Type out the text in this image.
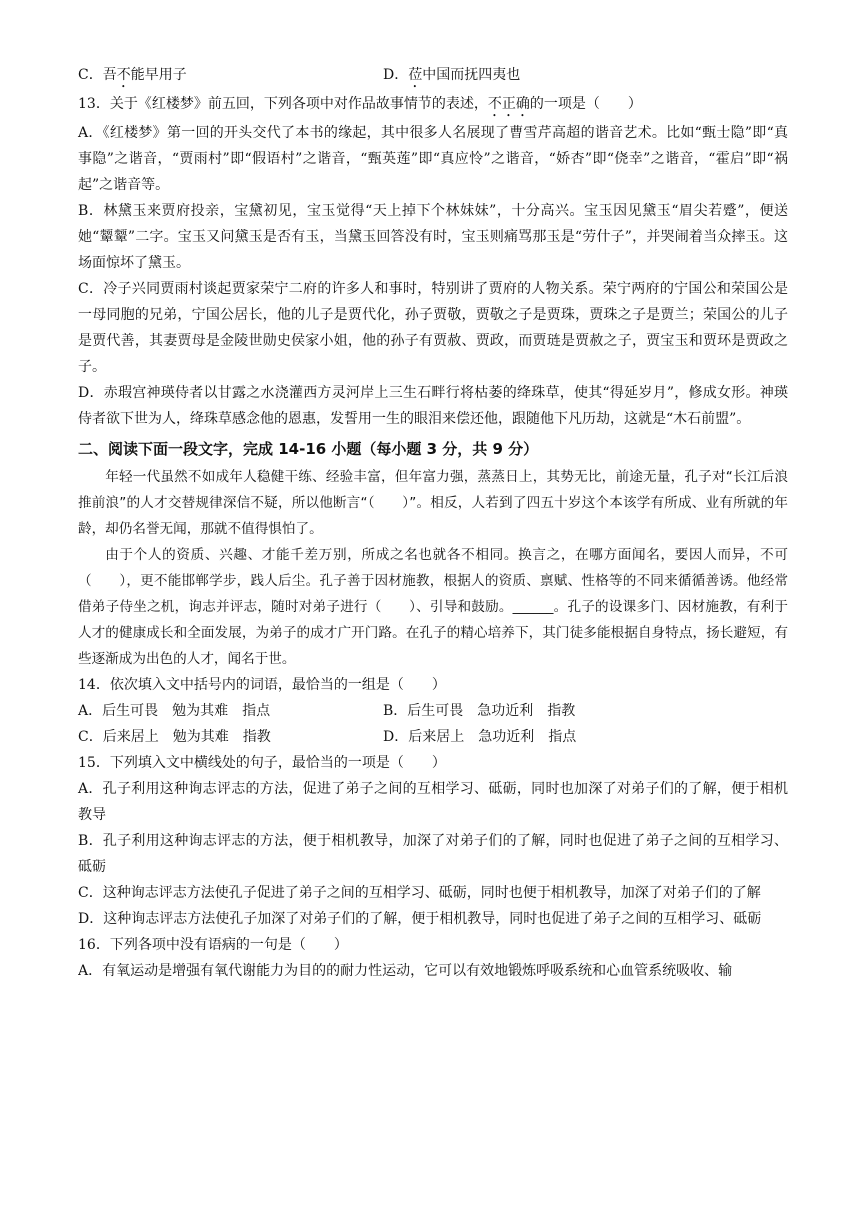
C．吾不能早用子	D．莅中国而抚四夷也
13．关于《红楼梦》前五回，下列各项中对作品故事情节的表述，不正确的一项是（　　）
A．《红楼梦》第一回的开头交代了本书的缘起，其中很多人名展现了曹雪芹高超的谐音艺术。比如“甄士隐”即“真事隐”之谐音，“贾雨村”即“假语村”之谐音，“甄英莲”即“真应怜”之谐音，“娇杏”即“侥幸”之谐音，“霍启”即“祸起”之谐音等。
B．林黛玉来贾府投亲，宝黛初见，宝玉觉得“天上掉下个林妹妹”，十分高兴。宝玉因见黛玉“眉尖若蹙”，便送她“颦颦”二字。宝玉又问黛玉是否有玉，当黛玉回答没有时，宝玉则痛骂那玉是“劳什子”，并哭闹着当众摔玉。这场面惊坏了黛玉。
C．冷子兴同贾雨村谈起贾家荣宁二府的许多人和事时，特别讲了贾府的人物关系。荣宁两府的宁国公和荣国公是一母同胞的兄弟，宁国公居长，他的儿子是贾代化，孙子贾敬，贾敬之子是贾珠，贾珠之子是贾兰；荣国公的儿子是贾代善，其妻贾母是金陵世勋史侯家小姐，他的孙子有贾赦、贾政，而贾琏是贾赦之子，贾宝玉和贾环是贾政之子。
D．赤瑕宫神瑛侍者以甘露之水浇灌西方灵河岸上三生石畔行将枯萎的绛珠草，使其“得延岁月”，修成女形。神瑛侍者欲下世为人，绛珠草感念他的恩惠，发誓用一生的眼泪来偿还他，跟随他下凡历劫，这就是“木石前盟”。
二、阅读下面一段文字，完成 14-16 小题（每小题 3 分，共 9 分）
年轻一代虽然不如成年人稳健干练、经验丰富，但年富力强，蒸蒸日上，其势无比，前途无量，孔子对“长江后浪推前浪”的人才交替规律深信不疑，所以他断言“（　　）”。相反，人若到了四五十岁这个本该学有所成、业有所就的年龄，却仍名誉无闻，那就不值得惧怕了。
由于个人的资质、兴趣、才能千差万别，所成之名也就各不相同。换言之，在哪方面闻名，要因人而异，不可（　　），更不能邯郸学步，践人后尘。孔子善于因材施教，根据人的资质、禀赋、性格等的不同来循循善诱。他经常借弟子侍坐之机，询志并评志，随时对弟子进行（　　）、引导和鼓励。______。孔子的设课多门、因材施教，有利于人才的健康成长和全面发展，为弟子的成才广开门路。在孔子的精心培养下，其门徒多能根据自身特点，扬长避短，有些逐渐成为出色的人才，闻名于世。
14．依次填入文中括号内的词语，最恰当的一组是（　　）
A．后生可畏　勉为其难　指点	B．后生可畏　急功近利　指教
C．后来居上　勉为其难　指教	D．后来居上　急功近利　指点
15．下列填入文中横线处的句子，最恰当的一项是（　　）
A．孔子利用这种询志评志的方法，促进了弟子之间的互相学习、砥砺，同时也加深了对弟子们的了解，便于相机教导
B．孔子利用这种询志评志的方法，便于相机教导，加深了对弟子们的了解，同时也促进了弟子之间的互相学习、砥砺
C．这种询志评志方法使孔子促进了弟子之间的互相学习、砥砺，同时也便于相机教导，加深了对弟子们的了解
D．这种询志评志方法使孔子加深了对弟子们的了解，便于相机教导，同时也促进了弟子之间的互相学习、砥砺
16．下列各项中没有语病的一句是（　　）
A．有氧运动是增强有氧代谢能力为目的的耐力性运动，它可以有效地锻炼呼吸系统和心血管系统吸收、输
